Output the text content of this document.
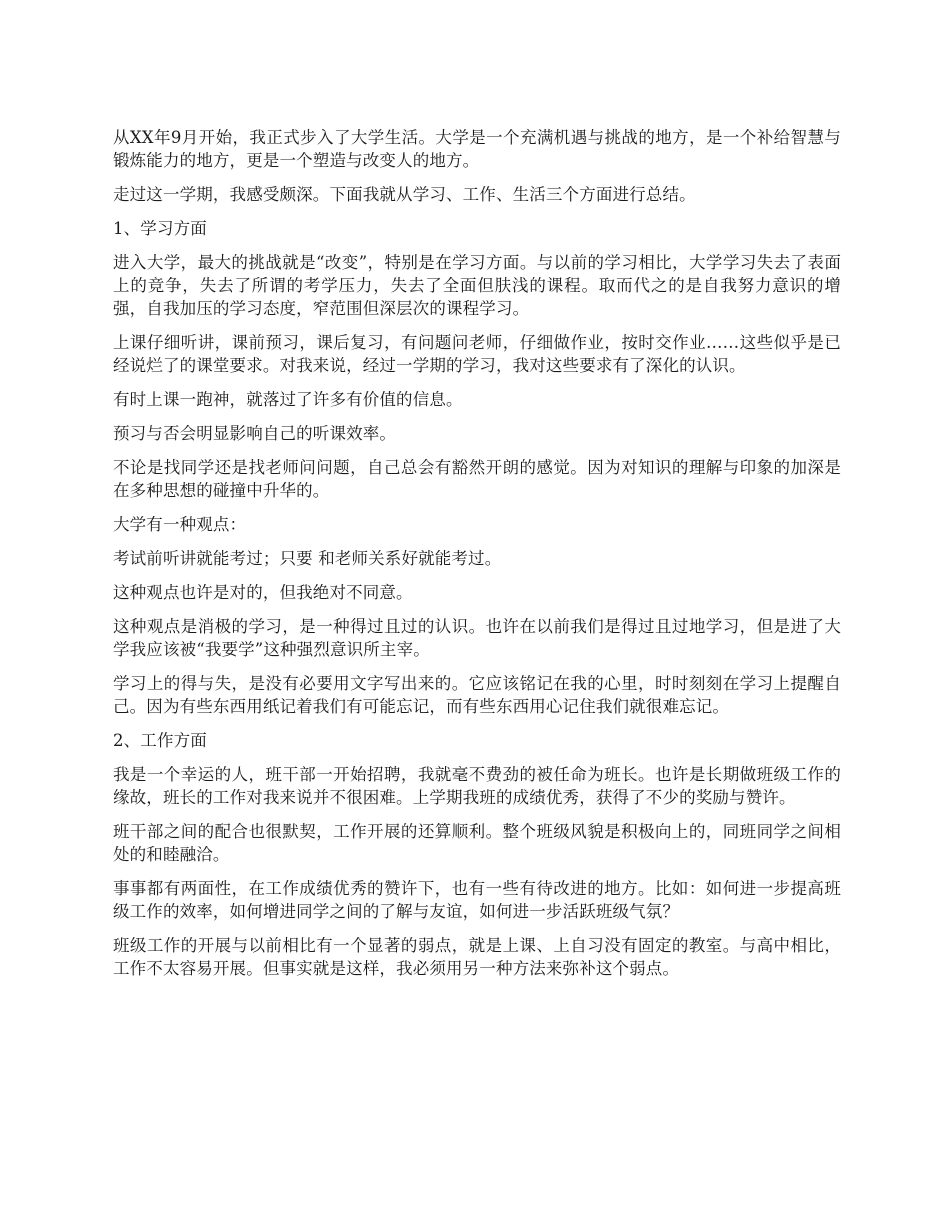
从XX年9月开始，我正式步入了大学生活。大学是一个充满机遇与挑战的地方，是一个补给智慧与锻炼能力的地方，更是一个塑造与改变人的地方。

走过这一学期，我感受颇深。下面我就从学习、工作、生活三个方面进行总结。

1、学习方面

进入大学，最大的挑战就是“改变”，特别是在学习方面。与以前的学习相比，大学学习失去了表面上的竞争，失去了所谓的考学压力，失去了全面但肤浅的课程。取而代之的是自我努力意识的增强，自我加压的学习态度，窄范围但深层次的课程学习。

上课仔细听讲，课前预习，课后复习，有问题问老师，仔细做作业，按时交作业……这些似乎是已经说烂了的课堂要求。对我来说，经过一学期的学习，我对这些要求有了深化的认识。

有时上课一跑神，就落过了许多有价值的信息。

预习与否会明显影响自己的听课效率。

不论是找同学还是找老师问问题，自己总会有豁然开朗的感觉。因为对知识的理解与印象的加深是在多种思想的碰撞中升华的。

大学有一种观点：

考试前听讲就能考过；只要 和老师关系好就能考过。

这种观点也许是对的，但我绝对不同意。

这种观点是消极的学习，是一种得过且过的认识。也许在以前我们是得过且过地学习，但是进了大学我应该被“我要学”这种强烈意识所主宰。

学习上的得与失，是没有必要用文字写出来的。它应该铭记在我的心里，时时刻刻在学习上提醒自己。因为有些东西用纸记着我们有可能忘记，而有些东西用心记住我们就很难忘记。

2、工作方面

我是一个幸运的人，班干部一开始招聘，我就毫不费劲的被任命为班长。也许是长期做班级工作的缘故，班长的工作对我来说并不很困难。上学期我班的成绩优秀，获得了不少的奖励与赞许。

班干部之间的配合也很默契，工作开展的还算顺利。整个班级风貌是积极向上的，同班同学之间相处的和睦融洽。

事事都有两面性，在工作成绩优秀的赞许下，也有一些有待改进的地方。比如：如何进一步提高班级工作的效率，如何增进同学之间的了解与友谊，如何进一步活跃班级气氛？

班级工作的开展与以前相比有一个显著的弱点，就是上课、上自习没有固定的教室。与高中相比，工作不太容易开展。但事实就是这样，我必须用另一种方法来弥补这个弱点。
